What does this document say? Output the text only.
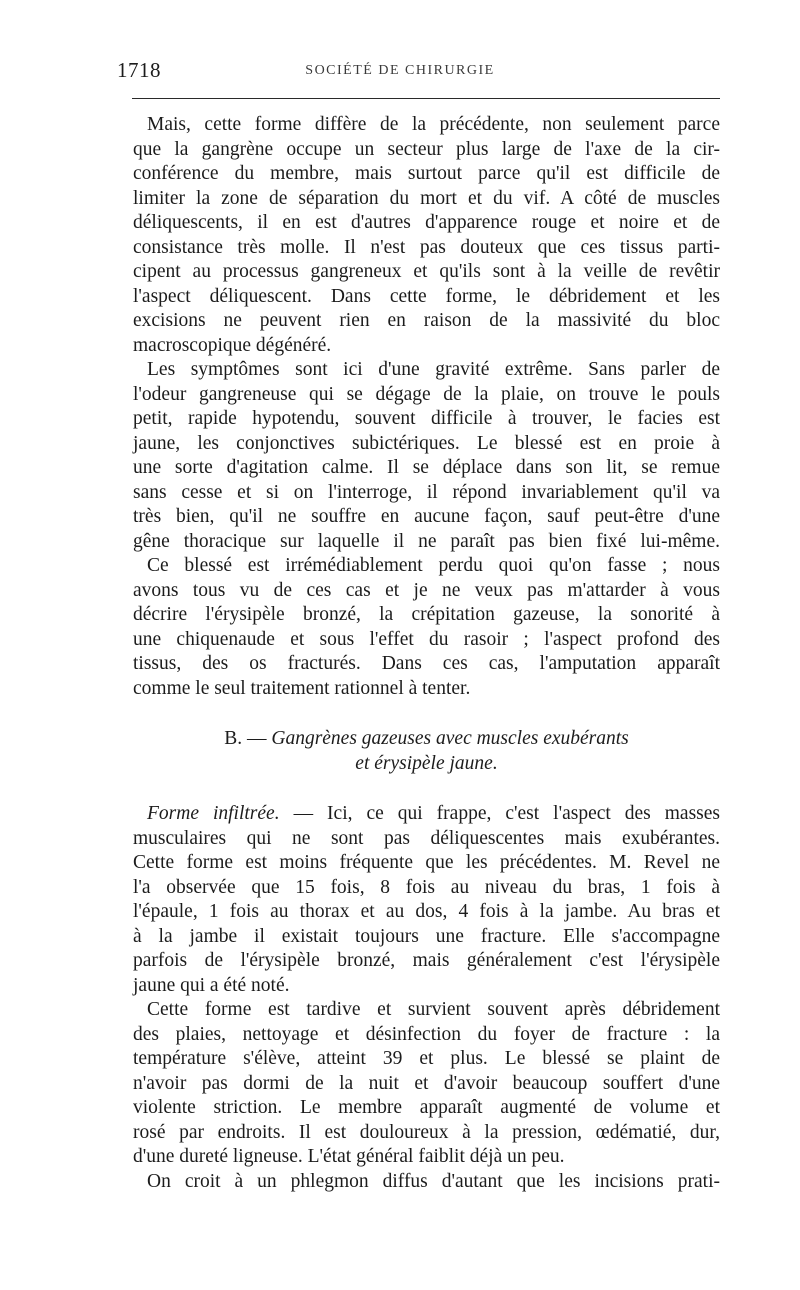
1718	SOCIÉTÉ DE CHIRURGIE
Mais, cette forme diffère de la précédente, non seulement parce
que la gangrène occupe un secteur plus large de l'axe de la cir-
conférence du membre, mais surtout parce qu'il est difficile de
limiter la zone de séparation du mort et du vif. A côté de muscles
déliquescents, il en est d'autres d'apparence rouge et noire et de
consistance très molle. Il n'est pas douteux que ces tissus parti-
cipent au processus gangreneux et qu'ils sont à la veille de revêtir
l'aspect déliquescent. Dans cette forme, le débridement et les
excisions ne peuvent rien en raison de la massivité du bloc
macroscopique dégénéré.
Les symptômes sont ici d'une gravité extrême. Sans parler de
l'odeur gangreneuse qui se dégage de la plaie, on trouve le pouls
petit, rapide hypotendu, souvent difficile à trouver, le facies est
jaune, les conjonctives subictériques. Le blessé est en proie à
une sorte d'agitation calme. Il se déplace dans son lit, se remue
sans cesse et si on l'interroge, il répond invariablement qu'il va
très bien, qu'il ne souffre en aucune façon, sauf peut-être d'une
gêne thoracique sur laquelle il ne paraît pas bien fixé lui-même.
Ce blessé est irrémédiablement perdu quoi qu'on fasse ; nous
avons tous vu de ces cas et je ne veux pas m'attarder à vous
décrire l'érysipèle bronzé, la crépitation gazeuse, la sonorité à
une chiquenaude et sous l'effet du rasoir ; l'aspect profond des
tissus, des os fracturés. Dans ces cas, l'amputation apparaît
comme le seul traitement rationnel à tenter.
B. — Gangrènes gazeuses avec muscles exubérants
et érysipèle jaune.
Forme infiltrée. — Ici, ce qui frappe, c'est l'aspect des masses
musculaires qui ne sont pas déliquescentes mais exubérantes.
Cette forme est moins fréquente que les précédentes. M. Revel ne
l'a observée que 15 fois, 8 fois au niveau du bras, 1 fois à
l'épaule, 1 fois au thorax et au dos, 4 fois à la jambe. Au bras et
à la jambe il existait toujours une fracture. Elle s'accompagne
parfois de l'érysipèle bronzé, mais généralement c'est l'érysipèle
jaune qui a été noté.
Cette forme est tardive et survient souvent après débridement
des plaies, nettoyage et désinfection du foyer de fracture : la
température s'élève, atteint 39 et plus. Le blessé se plaint de
n'avoir pas dormi de la nuit et d'avoir beaucoup souffert d'une
violente striction. Le membre apparaît augmenté de volume et
rosé par endroits. Il est douloureux à la pression, œdématié, dur,
d'une dureté ligneuse. L'état général faiblit déjà un peu.
On croit à un phlegmon diffus d'autant que les incisions prati-
